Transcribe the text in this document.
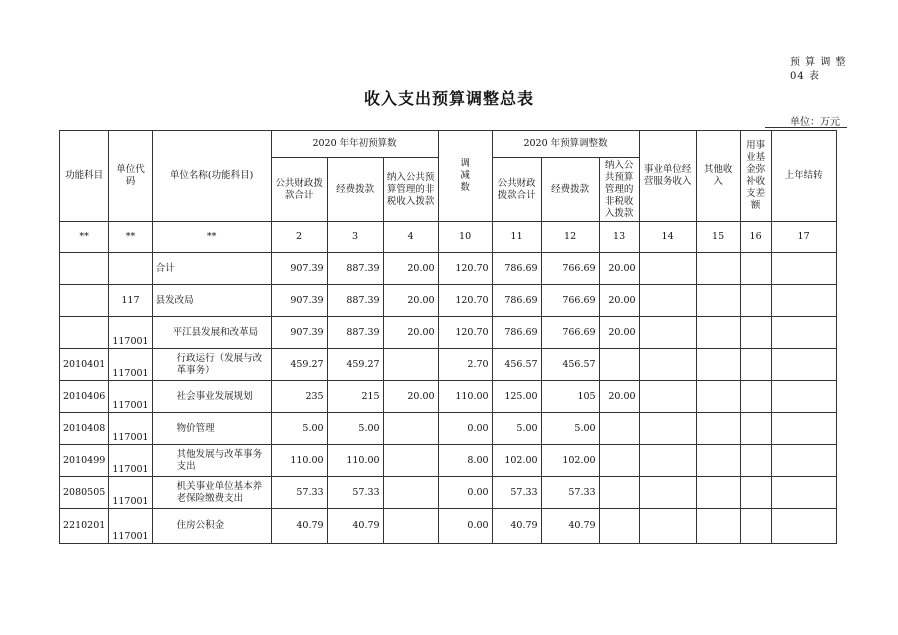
预 算 调 整
04 表
收入支出预算调整总表
单位：万元
功能科目	单位代码	单位名称(功能科目)	2020 年年初预算数			调减数	2020 年预算调整数			事业单位经营服务收入	其他收入	用事业基金弥补收支差额	上年结转
			公共财政拨款合计	经费拨款	纳入公共预算管理的非税收入拨款		公共财政拨款合计	经费拨款	纳入公共预算管理的非税收入拨款				
**	**	**	2	3	4	10	11	12	13	14	15	16	17
		合计	907.39	887.39	20.00	120.70	786.69	766.69	20.00				
	117	县发改局	907.39	887.39	20.00	120.70	786.69	766.69	20.00				
	117001	平江县发展和改革局	907.39	887.39	20.00	120.70	786.69	766.69	20.00				
2010401	117001	行政运行（发展与改革事务）	459.27	459.27		2.70	456.57	456.57					
2010406	117001	社会事业发展规划	235	215	20.00	110.00	125.00	105	20.00				
2010408	117001	物价管理	5.00	5.00		0.00	5.00	5.00					
2010499	117001	其他发展与改革事务支出	110.00	110.00		8.00	102.00	102.00					
2080505	117001	机关事业单位基本养老保险缴费支出	57.33	57.33		0.00	57.33	57.33					
2210201	117001	住房公积金	40.79	40.79		0.00	40.79	40.79					
